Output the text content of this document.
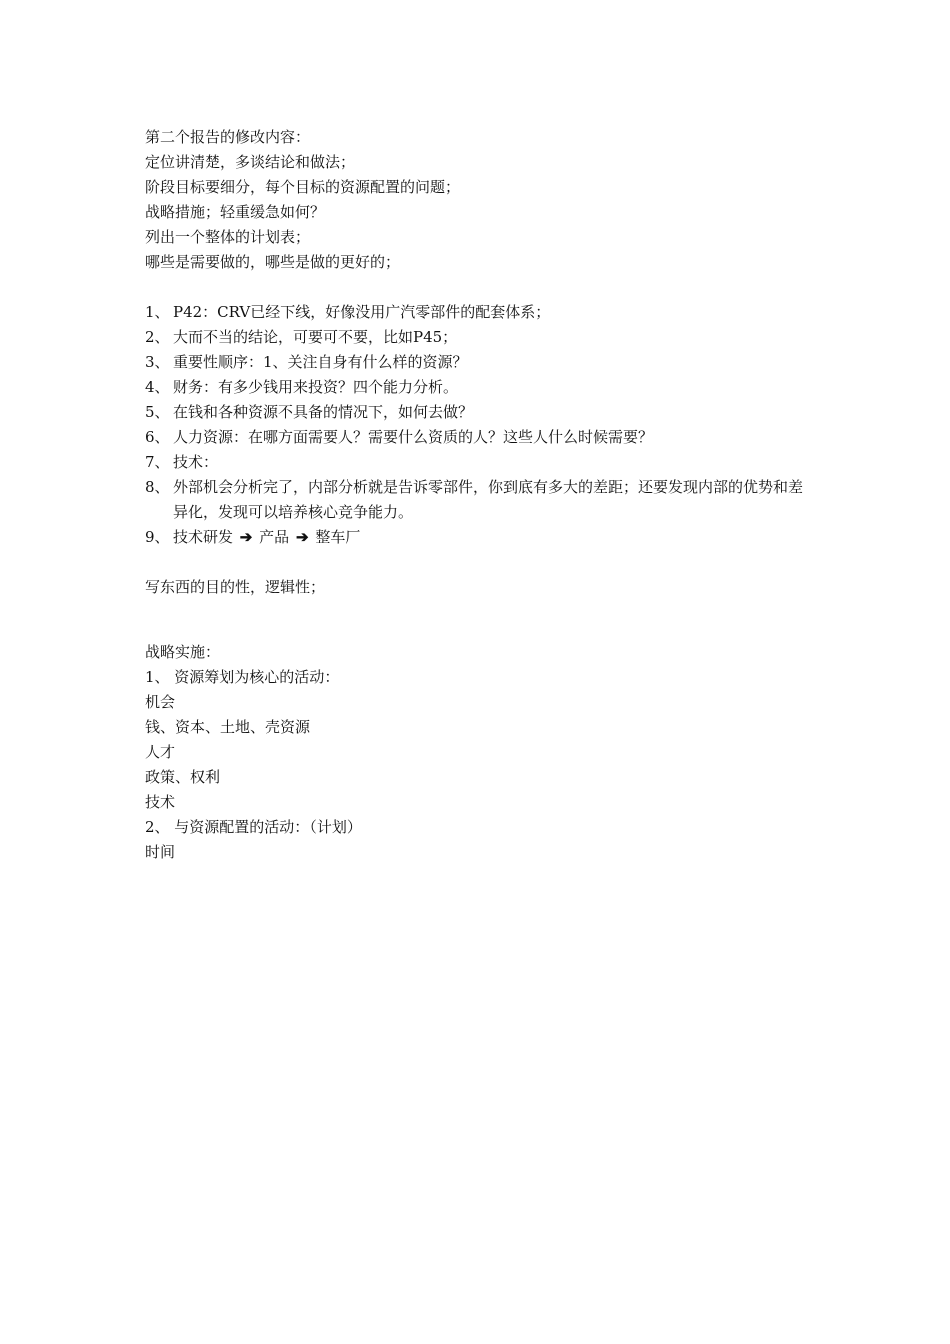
第二个报告的修改内容：
定位讲清楚，多谈结论和做法；
阶段目标要细分，每个目标的资源配置的问题；
战略措施；轻重缓急如何？
列出一个整体的计划表；
哪些是需要做的，哪些是做的更好的；
1、 P42：CRV已经下线，好像没用广汽零部件的配套体系；
2、 大而不当的结论，可要可不要，比如P45；
3、 重要性顺序：1、关注自身有什么样的资源？
4、 财务：有多少钱用来投资？四个能力分析。
5、 在钱和各种资源不具备的情况下，如何去做？
6、 人力资源：在哪方面需要人？需要什么资质的人？这些人什么时候需要？
7、 技术：
8、 外部机会分析完了，内部分析就是告诉零部件，你到底有多大的差距；还要发现内部的优势和差异化，发现可以培养核心竞争能力。
9、 技术研发 ➔ 产品 ➔ 整车厂
写东西的目的性，逻辑性；
战略实施：
1、 资源筹划为核心的活动：
机会
钱、资本、土地、壳资源
人才
政策、权利
技术
2、 与资源配置的活动：（计划）
时间
